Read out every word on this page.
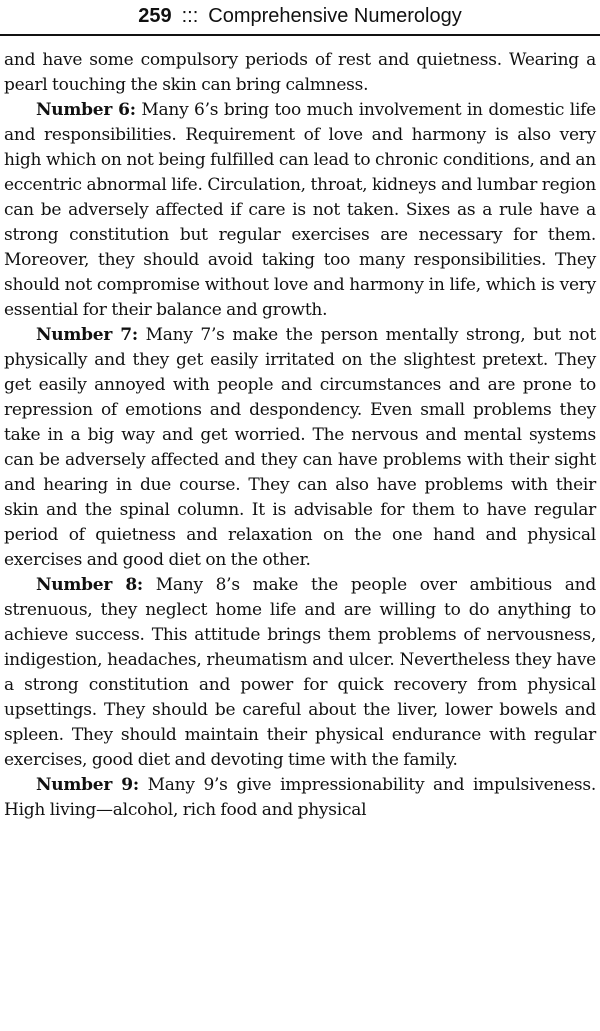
259 ::: Comprehensive Numerology

and have some compulsory periods of rest and quietness. Wearing a pearl touching the skin can bring calmness.

Number 6: Many 6’s bring too much involvement in domestic life and responsibilities. Requirement of love and harmony is also very high which on not being fulfilled can lead to chronic conditions, and an eccentric abnormal life. Circulation, throat, kidneys and lumbar region can be adversely affected if care is not taken. Sixes as a rule have a strong constitution but regular exercises are necessary for them. Moreover, they should avoid taking too many responsibilities. They should not compromise without love and harmony in life, which is very essential for their balance and growth.

Number 7: Many 7’s make the person mentally strong, but not physically and they get easily irritated on the slightest pretext. They get easily annoyed with people and circumstances and are prone to repression of emotions and despondency. Even small problems they take in a big way and get worried. The nervous and mental systems can be adversely affected and they can have problems with their sight and hearing in due course. They can also have problems with their skin and the spinal column. It is advisable for them to have regular period of quietness and relaxation on the one hand and physical exercises and good diet on the other.

Number 8: Many 8’s make the people over ambitious and strenuous, they neglect home life and are willing to do anything to achieve success. This attitude brings them problems of nervousness, indigestion, headaches, rheumatism and ulcer. Nevertheless they have a strong constitution and power for quick recovery from physical upsettings. They should be careful about the liver, lower bowels and spleen. They should maintain their physical endurance with regular exercises, good diet and devoting time with the family.

Number 9: Many 9’s give impressionability and impulsiveness. High living—alcohol, rich food and physical
